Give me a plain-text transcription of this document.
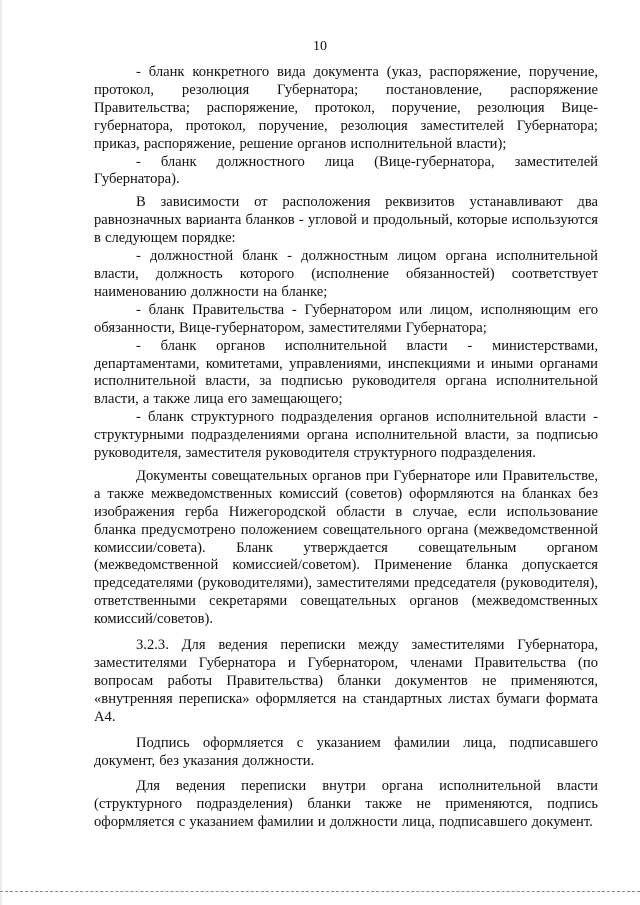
10

- бланк конкретного вида документа (указ, распоряжение, поручение, протокол, резолюция Губернатора; постановление, распоряжение Правительства; распоряжение, протокол, поручение, резолюция Вице-губернатора, протокол, поручение, резолюция заместителей Губернатора; приказ, распоряжение, решение органов исполнительной власти);

- бланк должностного лица (Вице-губернатора, заместителей Губернатора).

В зависимости от расположения реквизитов устанавливают два равнозначных варианта бланков - угловой и продольный, которые используются в следующем порядке:

- должностной бланк - должностным лицом органа исполнительной власти, должность которого (исполнение обязанностей) соответствует наименованию должности на бланке;

- бланк Правительства - Губернатором или лицом, исполняющим его обязанности, Вице-губернатором, заместителями Губернатора;

- бланк органов исполнительной власти - министерствами, департаментами, комитетами, управлениями, инспекциями и иными органами исполнительной власти, за подписью руководителя органа исполнительной власти, а также лица его замещающего;

- бланк структурного подразделения органов исполнительной власти - структурными подразделениями органа исполнительной власти, за подписью руководителя, заместителя руководителя структурного подразделения.

Документы совещательных органов при Губернаторе или Правительстве, а также межведомственных комиссий (советов) оформляются на бланках без изображения герба Нижегородской области в случае, если использование бланка предусмотрено положением совещательного органа (межведомственной комиссии/совета). Бланк утверждается совещательным органом (межведомственной комиссией/советом). Применение бланка допускается председателями (руководителями), заместителями председателя (руководителя), ответственными секретарями совещательных органов (межведомственных комиссий/советов).

3.2.3. Для ведения переписки между заместителями Губернатора, заместителями Губернатора и Губернатором, членами Правительства (по вопросам работы Правительства) бланки документов не применяются, «внутренняя переписка» оформляется на стандартных листах бумаги формата А4.

Подпись оформляется с указанием фамилии лица, подписавшего документ, без указания должности.

Для ведения переписки внутри органа исполнительной власти (структурного подразделения) бланки также не применяются, подпись оформляется с указанием фамилии и должности лица, подписавшего документ.
